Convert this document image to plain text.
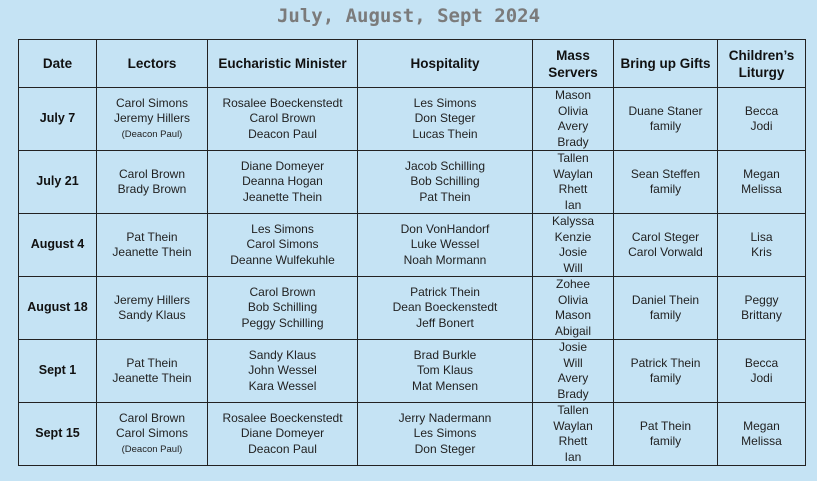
July, August, Sept 2024
Date	Lectors	Eucharistic Minister	Hospitality	Mass
Servers	Bring up Gifts	Children’s
Liturgy

July 7	Carol Simons
Jeremy Hillers
(Deacon Paul)	Rosalee Boeckenstedt
Carol Brown
Deacon Paul	Les Simons
Don Steger
Lucas Thein	Mason
Olivia
Avery
Brady	Duane Staner
family	Becca
Jodi

July 21	Carol Brown
Brady Brown	Diane Domeyer
Deanna Hogan
Jeanette Thein	Jacob Schilling
Bob Schilling
Pat Thein	Tallen
Waylan
Rhett
Ian	Sean Steffen
family	Megan
Melissa

August 4	Pat Thein
Jeanette Thein	Les Simons
Carol Simons
Deanne Wulfekuhle	Don VonHandorf
Luke Wessel
Noah Mormann	Kalyssa
Kenzie
Josie
Will	Carol Steger
Carol Vorwald	Lisa
Kris

August 18	Jeremy Hillers
Sandy Klaus	Carol Brown
Bob Schilling
Peggy Schilling	Patrick Thein
Dean Boeckenstedt
Jeff Bonert	Zohee
Olivia
Mason
Abigail	Daniel Thein
family	Peggy
Brittany

Sept 1	Pat Thein
Jeanette Thein	Sandy Klaus
John Wessel
Kara Wessel	Brad Burkle
Tom Klaus
Mat Mensen	Josie
Will
Avery
Brady	Patrick Thein
family	Becca
Jodi

Sept 15	Carol Brown
Carol Simons
(Deacon Paul)	Rosalee Boeckenstedt
Diane Domeyer
Deacon Paul	Jerry Nadermann
Les Simons
Don Steger	Tallen
Waylan
Rhett
Ian	Pat Thein
family	Megan
Melissa
